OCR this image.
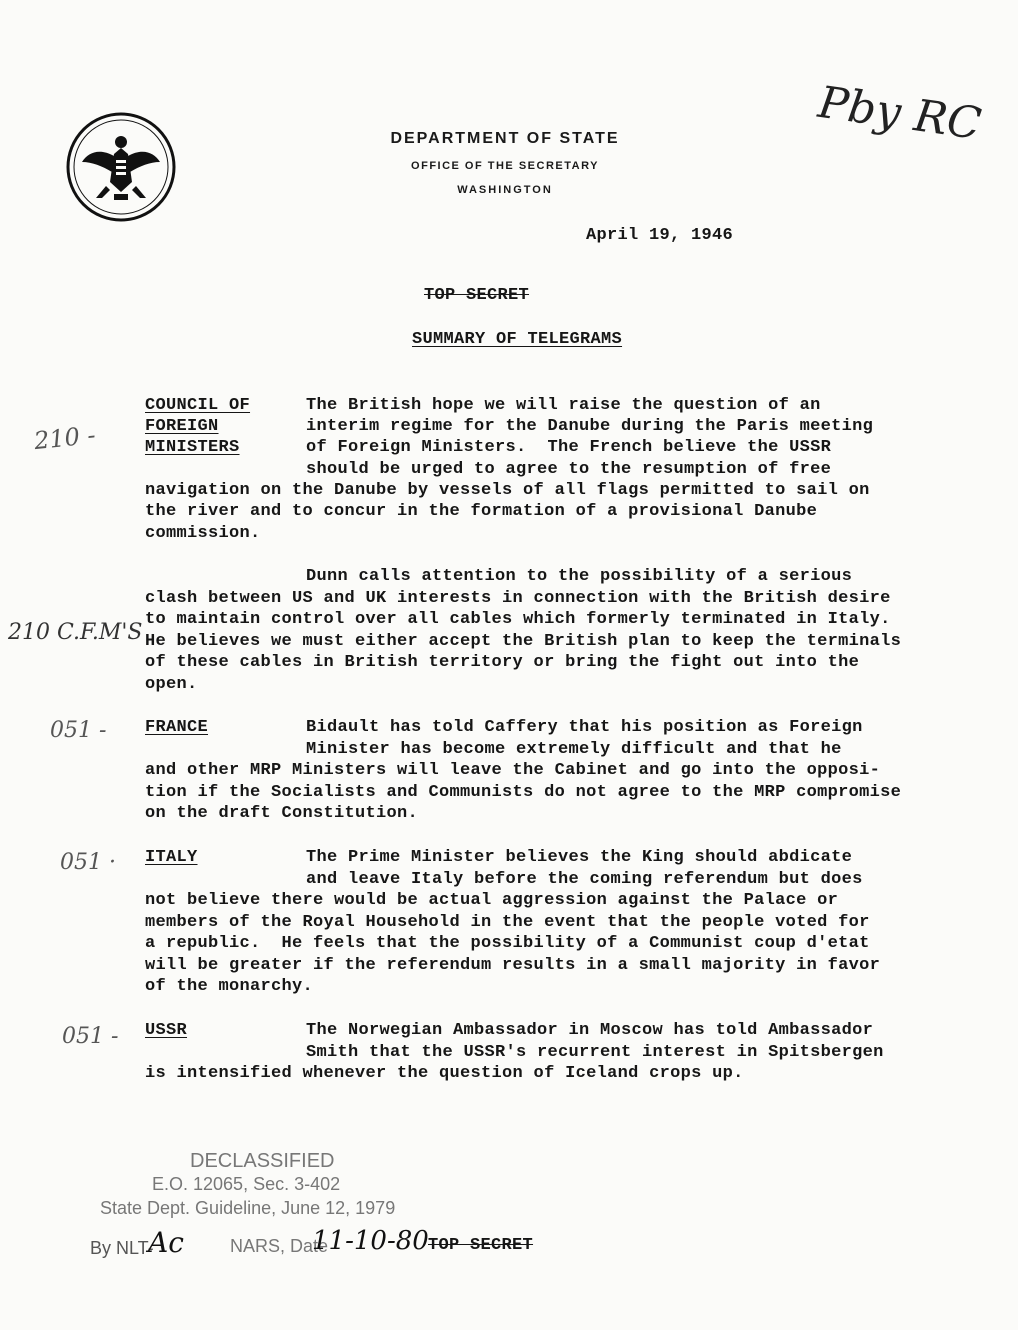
DEPARTMENT OF STATE
OFFICE OF THE SECRETARY
WASHINGTON
Pby RC
April 19, 1946
TOP SECRET
SUMMARY OF TELEGRAMS
210 -
210 C.F.M'S
051 -
051 ·
051 -
COUNCIL OF
FOREIGN
MINISTERS
The British hope we will raise the question of an
interim regime for the Danube during the Paris meeting
of Foreign Ministers.  The French believe the USSR
should be urged to agree to the resumption of free
navigation on the Danube by vessels of all flags permitted to sail on
the river and to concur in the formation of a provisional Danube
commission.
Dunn calls attention to the possibility of a serious
clash between US and UK interests in connection with the British desire
to maintain control over all cables which formerly terminated in Italy.
He believes we must either accept the British plan to keep the terminals
of these cables in British territory or bring the fight out into the
open.
FRANCE	Bidault has told Caffery that his position as Foreign
Minister has become extremely difficult and that he
and other MRP Ministers will leave the Cabinet and go into the opposi-
tion if the Socialists and Communists do not agree to the MRP compromise
on the draft Constitution.
ITALY	The Prime Minister believes the King should abdicate
and leave Italy before the coming referendum but does
not believe there would be actual aggression against the Palace or
members of the Royal Household in the event that the people voted for
a republic.  He feels that the possibility of a Communist coup d'etat
will be greater if the referendum results in a small majority in favor
of the monarchy.
USSR	The Norwegian Ambassador in Moscow has told Ambassador
Smith that the USSR's recurrent interest in Spitsbergen
is intensified whenever the question of Iceland crops up.
DECLASSIFIED
E.O. 12065, Sec. 3-402
State Dept. Guideline, June 12, 1979
By NLT-
Ac	NARS, Date
11-10-80 TOP SECRET
